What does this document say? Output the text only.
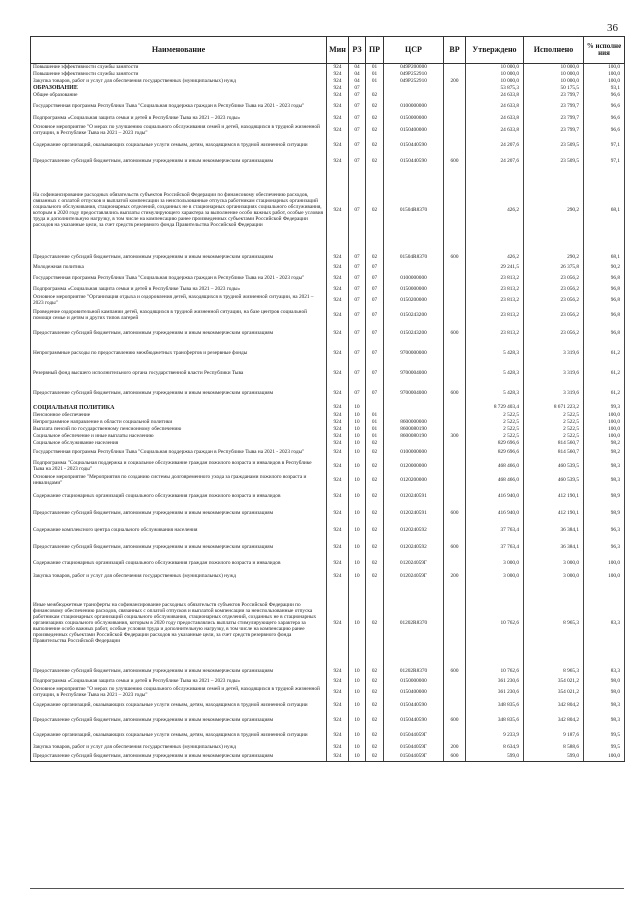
36
Наименование	Мин	РЗ	ПР	ЦСР	ВР	Утверждено	Исполнено	% исполне ния
Повышение эффективности службы занятости	924	04	01	049P200000		10 000,0	10 000,0	100,0
Повышение эффективности службы занятости	924	04	01	049P252910		10 000,0	10 000,0	100,0
Закупка товаров, работ и услуг для обеспечения государственных (муниципальных) нужд	924	04	01	049P252910	200	10 000,0	10 000,0	100,0
ОБРАЗОВАНИЕ	924	07				53 875,3	50 175,5	93,1
Общее образование	924	07	02			24 633,8	23 799,7	96,6
Государственная программа Республики Тыва "Социальная поддержка граждан в Республике Тыва на 2021 - 2023 годы"	924	07	02	0100000000		24 633,8	23 799,7	96,6
Подпрограмма «Социальная защита семьи и детей в Республике Тыва на 2021 – 2023 годы»	924	07	02	0150000000		24 633,8	23 799,7	96,6
Основное мероприятие "О мерах по улучшению социального обслуживания семей и детей, находящихся в трудной жизненной ситуации, в Республике Тыва на 2021 – 2023 годы"	924	07	02	0150400000		24 633,8	23 799,7	96,6
Содержание организаций, оказывающих социальные услуги семьям, детям, находящимся в трудной жизненной ситуации	924	07	02	0150440590		24 207,6	23 509,5	97,1
Предоставление субсидий бюджетным, автономным учреждениям и иным некоммерческим организациям	924	07	02	0150440590	600	24 207,6	23 509,5	97,1
На софинансирование расходных обязательств субъектов Российской Федерации по финансовому обеспечению расходов, связанных с оплатой отпусков и выплатой компенсации за неиспользованные отпуска работникам стационарных организаций социального обслуживания, стационарных отделений, созданных не в стационарных организациях социального обслуживания, которым в 2020 году предоставлялись выплаты стимулирующего характера за выполнение особо важных работ, особые условия труда и дополнительную нагрузку, в том числе на компенсацию ранее произведенных субъектами Российской Федерации расходов на указанные цели, за счет средств резервного фонда Правительства Российской Федерации	924	07	02	01504R8370		426,2	290,2	68,1
Предоставление субсидий бюджетным, автономным учреждениям и иным некоммерческим организациям	924	07	02	01504R8370	600	426,2	290,2	68,1
Молодежная политика	924	07	07			29 241,5	26 375,8	90,2
Государственная программа Республики Тыва "Социальная поддержка граждан в Республике Тыва на 2021 - 2023 годы"	924	07	07	0100000000		23 813,2	23 056,2	96,8
Подпрограмма «Социальная защита семьи и детей в Республике Тыва на 2021 – 2023 годы»	924	07	07	0150000000		23 813,2	23 056,2	96,8
Основное мероприятие "Организация отдыха и оздоровления детей, находящихся в трудной жизненной ситуации, на 2021 – 2023 годы"	924	07	07	0150200000		23 813,2	23 056,2	96,8
Проведение оздоровительной кампании детей, находящихся в трудной жизненной ситуации, на базе центров социальной помощи семье и детям и других типов лагерей	924	07	07	0150243200		23 813,2	23 056,2	96,8
Предоставление субсидий бюджетным, автономным учреждениям и иным некоммерческим организациям	924	07	07	0150243200	600	23 813,2	23 056,2	96,8
Непрограммные расходы по предоставлению межбюджетных трансфертов и резервные фонды	924	07	07	9700000000		5 428,3	3 319,6	61,2
Резервный фонд высшего исполнительного органа государственной власти Республики Тыва	924	07	07	9700004000		5 428,3	3 319,6	61,2
Предоставление субсидий бюджетным, автономным учреждениям и иным некоммерческим организациям	924	07	07	9700004000	600	5 428,3	3 319,6	61,2
СОЦИАЛЬНАЯ ПОЛИТИКА	924	10				8 729 403,4	8 671 223,2	99,3
Пенсионное обеспечение	924	10	01			2 522,5	2 522,5	100,0
Непрограммное направление в области социальной политики	924	10	01	8600000000		2 522,5	2 522,5	100,0
Выплата пенсий по государственному пенсионному обеспечению	924	10	01	8600080190		2 522,5	2 522,5	100,0
Социальное обеспечение и иные выплаты населению	924	10	01	8600080190	300	2 522,5	2 522,5	100,0
Социальное обслуживание населения	924	10	02			829 696,6	814 560,7	98,2
Государственная программа Республики Тыва "Социальная поддержка граждан в Республике Тыва на 2021 - 2023 годы"	924	10	02	0100000000		829 696,6	814 560,7	98,2
Подпрограмма "Социальная поддержка и социальное обслуживание граждан пожилого возраста и инвалидов в Республике Тыва на 2021 - 2023 годы"	924	10	02	0120000000		468 466,0	460 539,5	98,3
Основное мероприятие "Мероприятия по созданию системы долговременного ухода за гражданами пожилого возраста и инвалидами"	924	10	02	0120200000		468 466,0	460 539,5	98,3
Содержание стационарных организаций социального обслуживания граждан пожилого возраста и инвалидов	924	10	02	0120240591		416 940,0	412 190,1	98,9
Предоставление субсидий бюджетным, автономным учреждениям и иным некоммерческим организациям	924	10	02	0120240591	600	416 940,0	412 190,1	98,9
Содержание комплексного центра социального обслуживания населения	924	10	02	0120240592		37 763,4	36 384,1	96,3
Предоставление субсидий бюджетным, автономным учреждениям и иным некоммерческим организациям	924	10	02	0120240592	600	37 763,4	36 384,1	96,3
Содержание стационарных организаций социального обслуживания граждан пожилого возраста и инвалидов	924	10	02	012024059Г		3 000,0	3 000,0	100,0
Закупка товаров, работ и услуг для обеспечения государственных (муниципальных) нужд	924	10	02	012024059Г	200	3 000,0	3 000,0	100,0
Иные межбюджетные трансферты на софинансирование расходных обязательств субъектов Российской Федерации по финансовому обеспечению расходов, связанных с оплатой отпусков и выплатой компенсации за неиспользованные отпуска работникам стационарных организаций социального обслуживания, стационарных отделений, созданных не в стационарных организациях социального обслуживания, которым в 2020 году предоставлялись выплаты стимулирующего характера за выполнение особо важных работ, особые условия труда и дополнительную нагрузку, в том числе на компенсацию ранее произведенных субъектами Российской Федерации расходов на указанные цели, за счет средств резервного фонда Правительства Российской Федерации	924	10	02	01202R8370		10 762,6	8 965,3	83,3
Предоставление субсидий бюджетным, автономным учреждениям и иным некоммерческим организациям	924	10	02	01202R8370	600	10 762,6	8 965,3	83,3
Подпрограмма «Социальная защита семьи и детей в Республике Тыва на 2021 – 2023 годы»	924	10	02	0150000000		361 230,6	354 021,2	98,0
Основное мероприятие "О мерах по улучшению социального обслуживания семей и детей, находящихся в трудной жизненной ситуации, в Республике Тыва на 2021 – 2023 годы"	924	10	02	0150400000		361 230,6	354 021,2	98,0
Содержание организаций, оказывающих социальные услуги семьям, детям, находящимся в трудной жизненной ситуации	924	10	02	0150440590		348 835,6	342 804,2	98,3
Предоставление субсидий бюджетным, автономным учреждениям и иным некоммерческим организациям	924	10	02	0150440590	600	348 835,6	342 804,2	98,3
Содержание организаций, оказывающих социальные услуги семьям, детям, находящимся в трудной жизненной ситуации	924	10	02	015044059Г		9 233,9	9 187,6	99,5
Закупка товаров, работ и услуг для обеспечения государственных (муниципальных) нужд	924	10	02	015044059Г	200	8 634,9	8 588,6	99,5
Предоставление субсидий бюджетным, автономным учреждениям и иным некоммерческим организациям	924	10	02	015044059Г	600	599,0	599,0	100,0
